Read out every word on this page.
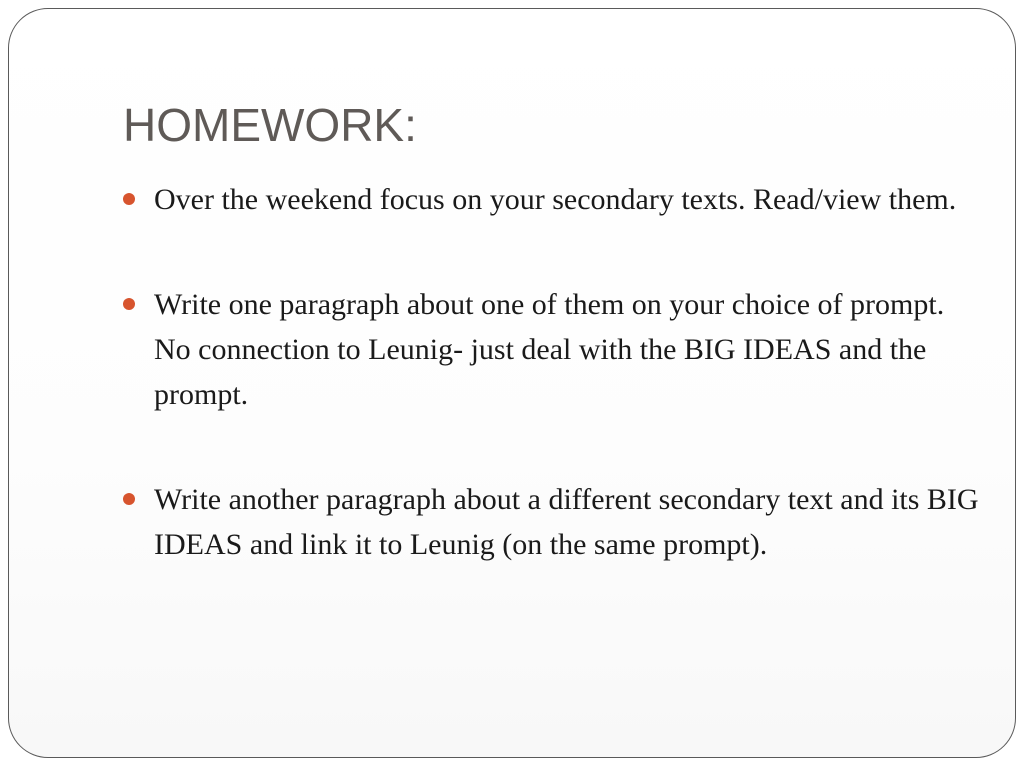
HOMEWORK:
Over the weekend focus on your secondary texts. Read/view them.
Write one paragraph about one of them on your choice of prompt. No connection to Leunig- just deal with the BIG IDEAS and the prompt.
Write another paragraph about a different secondary text and its BIG IDEAS and link it to Leunig (on the same prompt).
